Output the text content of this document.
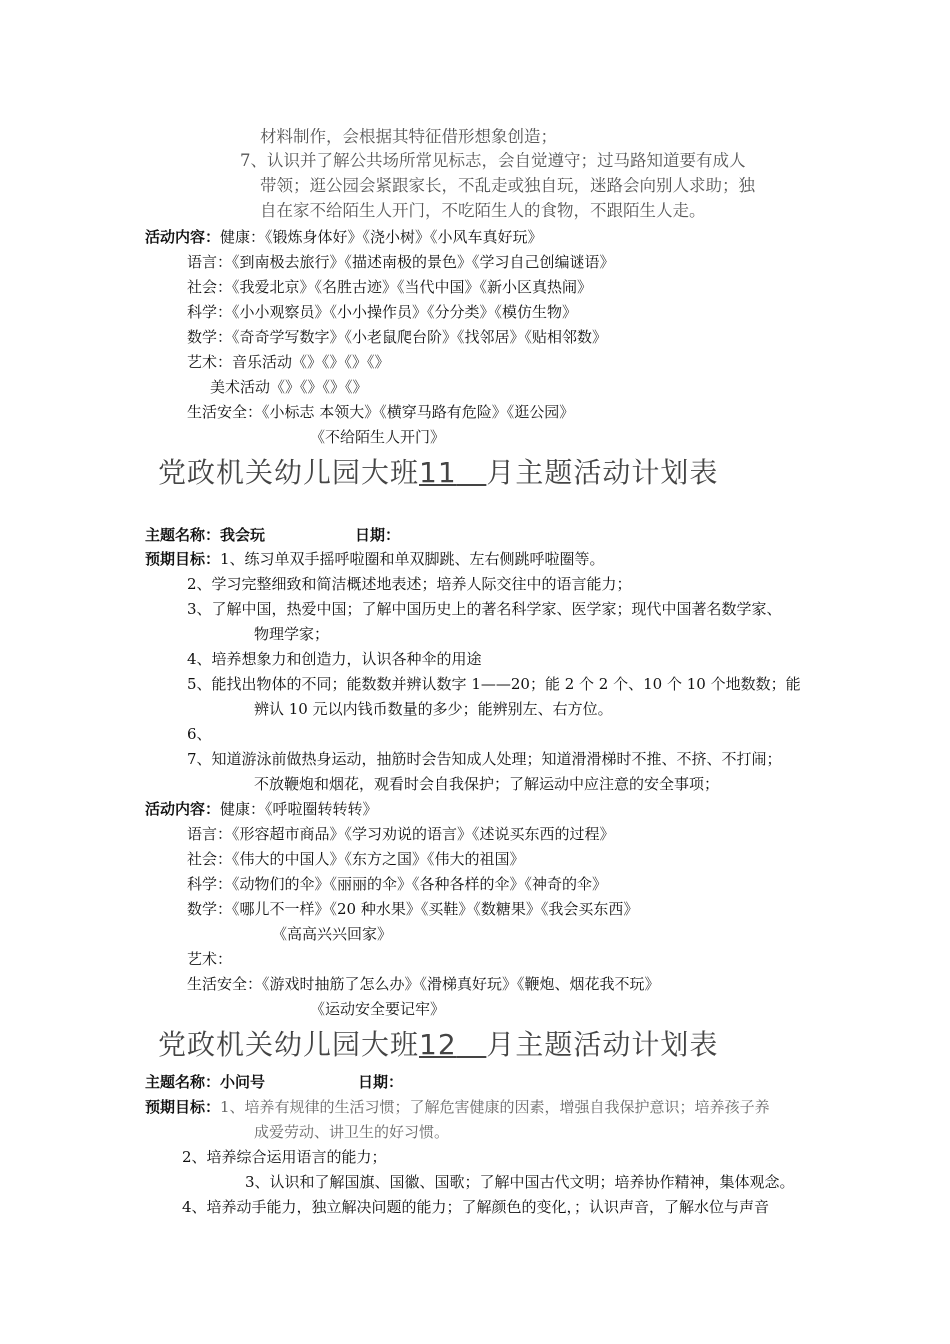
材料制作，会根据其特征借形想象创造；
7、认识并了解公共场所常见标志，会自觉遵守；过马路知道要有成人
带领；逛公园会紧跟家长，不乱走或独自玩，迷路会向别人求助；独
自在家不给陌生人开门，不吃陌生人的食物，不跟陌生人走。
活动内容：健康：《锻炼身体好》《浇小树》《小风车真好玩》
语言：《到南极去旅行》《描述南极的景色》《学习自己创编谜语》
社会：《我爱北京》《名胜古迹》《当代中国》《新小区真热闹》
科学：《小小观察员》《小小操作员》《分分类》《模仿生物》
数学：《奇奇学写数字》《小老鼠爬台阶》《找邻居》《贴相邻数》
艺术：音乐活动《》《》《》《》
美术活动《》《》《》《》
生活安全：《小标志 本领大》《横穿马路有危险》《逛公园》
《不给陌生人开门》
党政机关幼儿园大班11 月主题活动计划表
主题名称：我会玩	日期：
预期目标：1、练习单双手摇呼啦圈和单双脚跳、左右侧跳呼啦圈等。
2、学习完整细致和简洁概述地表述；培养人际交往中的语言能力；
3、了解中国，热爱中国；了解中国历史上的著名科学家、医学家；现代中国著名数学家、
物理学家；
4、培养想象力和创造力，认识各种伞的用途
5、能找出物体的不同；能数数并辨认数字 1——20；能 2 个 2 个、10 个 10 个地数数；能
辨认 10 元以内钱币数量的多少；能辨别左、右方位。
6、
7、知道游泳前做热身运动，抽筋时会告知成人处理；知道滑滑梯时不推、不挤、不打闹；
不放鞭炮和烟花，观看时会自我保护；了解运动中应注意的安全事项；
活动内容：健康：《呼啦圈转转转》
语言：《形容超市商品》《学习劝说的语言》《述说买东西的过程》
社会：《伟大的中国人》《东方之国》《伟大的祖国》
科学：《动物们的伞》《丽丽的伞》《各种各样的伞》《神奇的伞》
数学：《哪儿不一样》《20 种水果》《买鞋》《数糖果》《我会买东西》
《高高兴兴回家》
艺术：
生活安全：《游戏时抽筋了怎么办》《滑梯真好玩》《鞭炮、烟花我不玩》
《运动安全要记牢》
党政机关幼儿园大班12 月主题活动计划表
主题名称：小问号	日期：
预期目标：1、培养有规律的生活习惯；了解危害健康的因素，增强自我保护意识；培养孩子养
成爱劳动、讲卫生的好习惯。
2、培养综合运用语言的能力；
3、认识和了解国旗、国徽、国歌；了解中国古代文明；培养协作精神，集体观念。
4、培养动手能力，独立解决问题的能力；了解颜色的变化，；认识声音，了解水位与声音
